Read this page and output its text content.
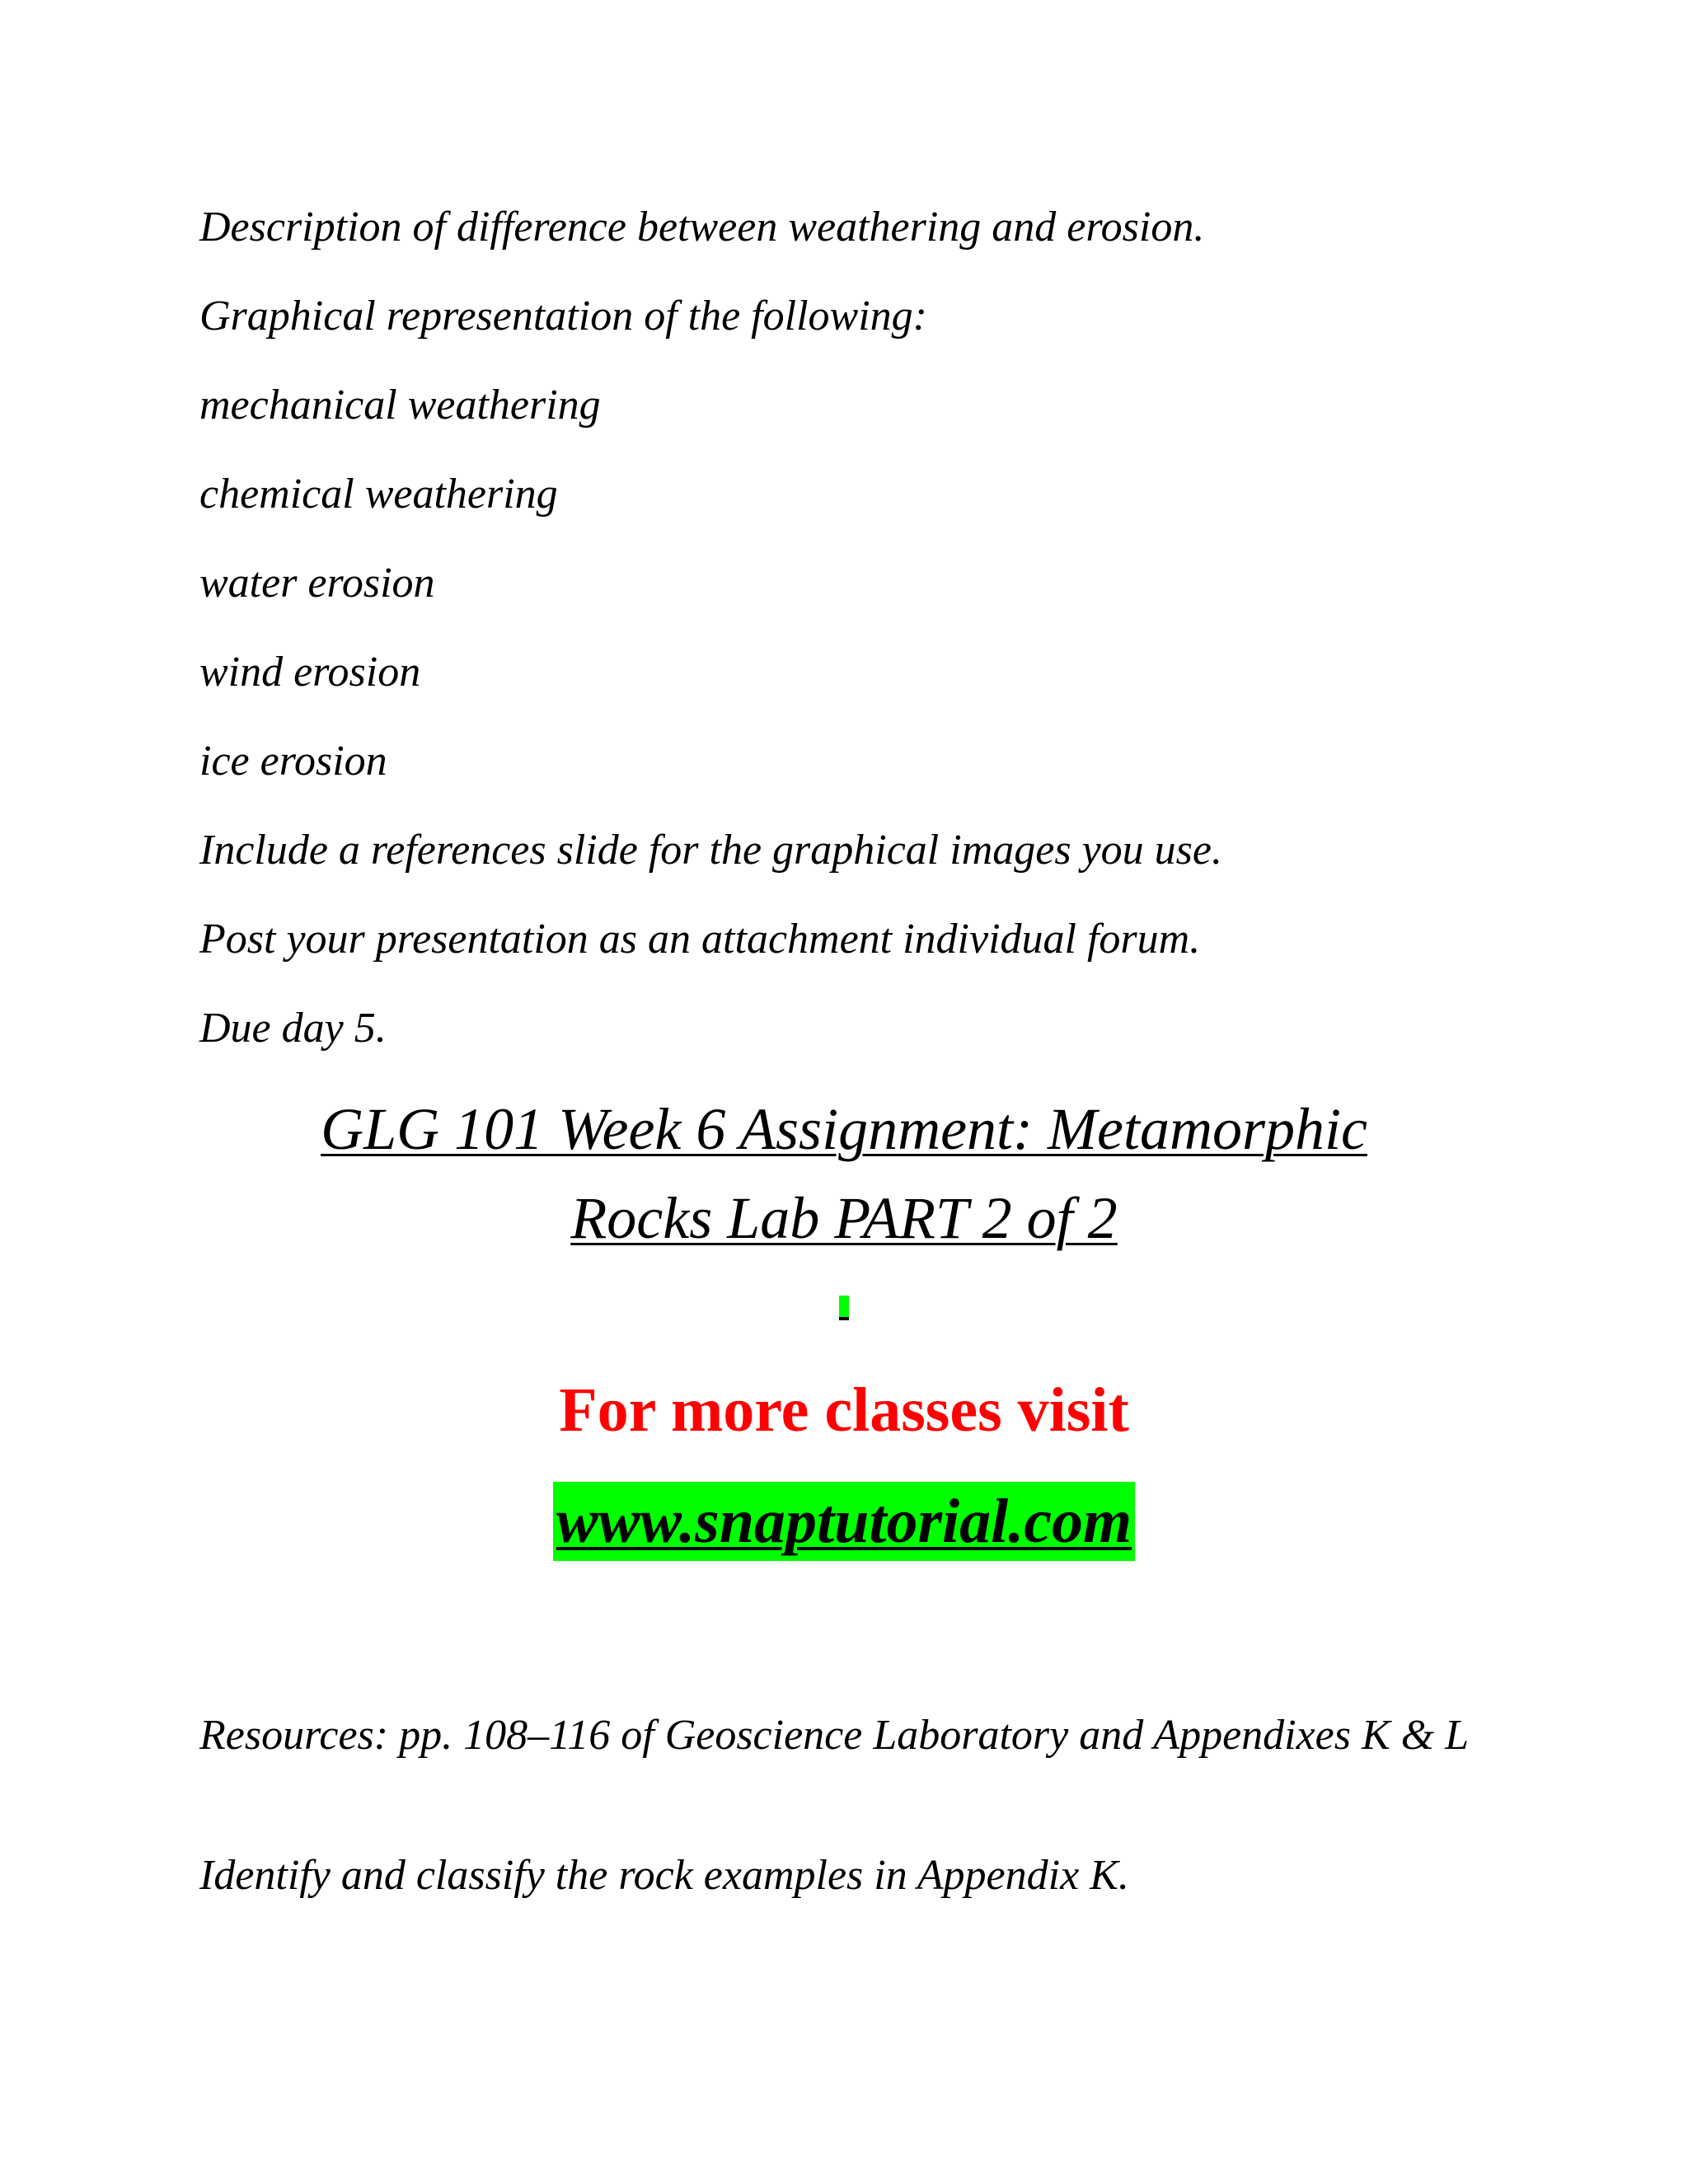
Description of difference between weathering and erosion.
Graphical representation of the following:
mechanical weathering
chemical weathering
water erosion
wind erosion
ice erosion
Include a references slide for the graphical images you use.
Post your presentation as an attachment individual forum.
Due day 5.
GLG 101 Week 6 Assignment: Metamorphic
Rocks Lab PART 2 of 2
For more classes visit
www.snaptutorial.com
Resources: pp. 108–116 of Geoscience Laboratory and Appendixes K & L
Identify and classify the rock examples in Appendix K.
